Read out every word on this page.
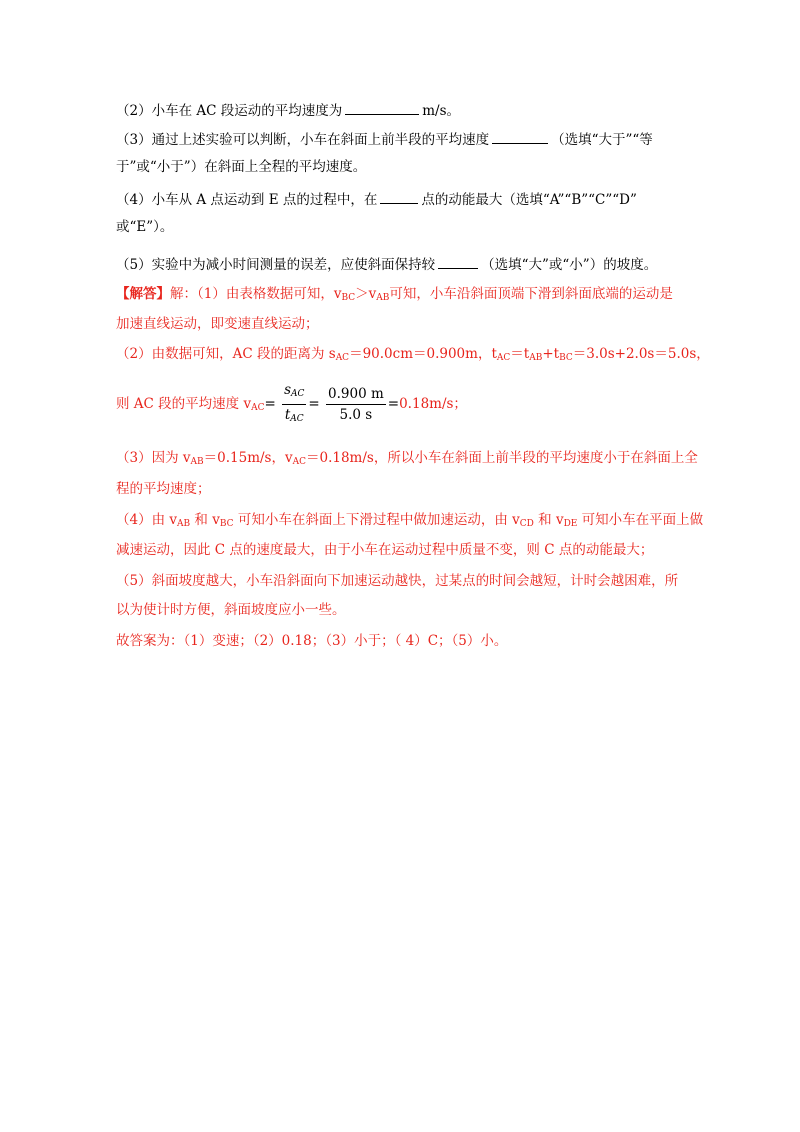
（2）小车在 AC 段运动的平均速度为	m/s。
（3）通过上述实验可以判断，小车在斜面上前半段的平均速度	（选填“大于”“等
于”或“小于”）在斜面上全程的平均速度。
（4）小车从 A 点运动到 E 点的过程中，在	点的动能最大（选填“A”“B”“C”“D”
或“E”）。
（5）实验中为减小时间测量的误差，应使斜面保持较	（选填“大”或“小”）的坡度。
【解答】解：（1）由表格数据可知，$v_{BC}>v_{AB}$可知，小车沿斜面顶端下滑到斜面底端的运动是
加速直线运动，即变速直线运动；
（2）由数据可知，AC 段的距离为 $s_{AC}=90.0cm=0.900m$，$t_{AC}=t_{AB}+t_{BC}=3.0s+2.0s=5.0s$，
则 AC 段的平均速度 $v_{AC}= \frac{s_{AC}}{t_{AC}} = \frac{0.900 m}{5.0 s} =0.18m/s$；
（3）因为 $v_{AB}=0.15m/s$，$v_{AC}=0.18m/s$，所以小车在斜面上前半段的平均速度小于在斜面上全
程的平均速度；
（4）由 $v_{AB}$ 和 $v_{BC}$ 可知小车在斜面上下滑过程中做加速运动，由 $v_{CD}$ 和 $v_{DE}$ 可知小车在平面上做
减速运动，因此 C 点的速度最大，由于小车在运动过程中质量不变，则 C 点的动能最大；
（5）斜面坡度越大，小车沿斜面向下加速运动越快，过某点的时间会越短，计时会越困难，所
以为使计时方便，斜面坡度应小一些。
故答案为：（1）变速；（2）0.18；（3）小于；（ 4）C；（5）小。
